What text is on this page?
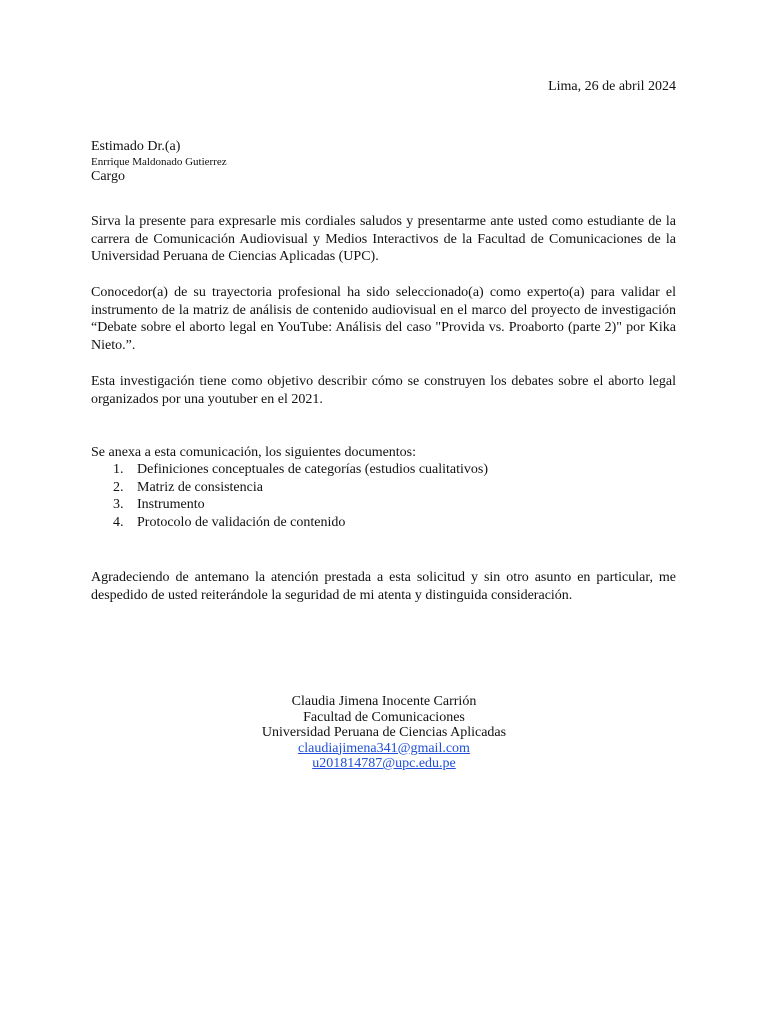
Lima, 26 de abril 2024
Estimado Dr.(a)
Enrrique Maldonado Gutierrez
Cargo

Sirva la presente para expresarle mis cordiales saludos y presentarme ante usted como estudiante de la carrera de Comunicación Audiovisual y Medios Interactivos de la Facultad de Comunicaciones de la Universidad Peruana de Ciencias Aplicadas (UPC).

Conocedor(a) de su trayectoria profesional ha sido seleccionado(a) como experto(a) para validar el instrumento de la matriz de análisis de contenido audiovisual en el marco del proyecto de investigación “Debate sobre el aborto legal en YouTube: Análisis del caso "Provida vs. Proaborto (parte 2)" por Kika Nieto.”.

Esta investigación tiene como objetivo describir cómo se construyen los debates sobre el aborto legal organizados por una youtuber en el 2021.

Se anexa a esta comunicación, los siguientes documentos:
1. Definiciones conceptuales de categorías (estudios cualitativos)
2. Matriz de consistencia
3. Instrumento
4. Protocolo de validación de contenido

Agradeciendo de antemano la atención prestada a esta solicitud y sin otro asunto en particular, me despedido de usted reiterándole la seguridad de mi atenta y distinguida consideración.

Claudia Jimena Inocente Carrión
Facultad de Comunicaciones
Universidad Peruana de Ciencias Aplicadas
claudiajimena341@gmail.com
u201814787@upc.edu.pe
